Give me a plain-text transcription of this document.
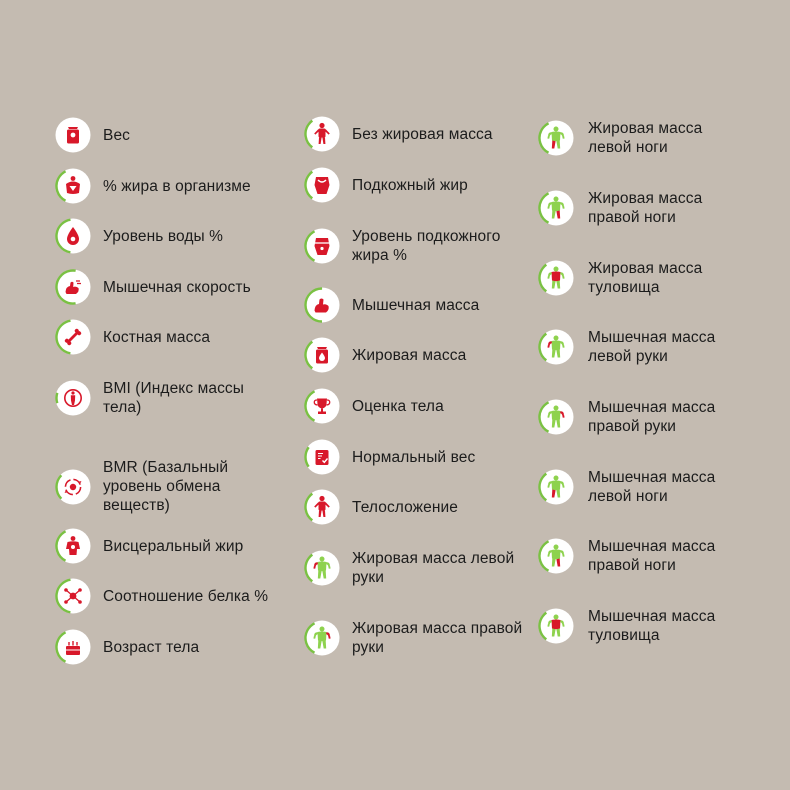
Вес
% жира в организме
Уровень воды %
Мышечная скорость
Костная масса
BMI (Индекс массы тела)
BMR (Базальный уровень обмена веществ)
Висцеральный жир
Соотношение белка %
Возраст тела
Без жировая масса
Подкожный жир
Уровень подкожного жира %
Мышечная масса
Жировая масса
Оценка тела
Нормальный вес
Телосложение
Жировая масса левой руки
Жировая масса правой руки
Жировая масса левой ноги
Жировая масса правой ноги
Жировая масса туловища
Мышечная масса левой руки
Мышечная масса правой руки
Мышечная масса левой ноги
Мышечная масса правой ноги
Мышечная масса туловища
